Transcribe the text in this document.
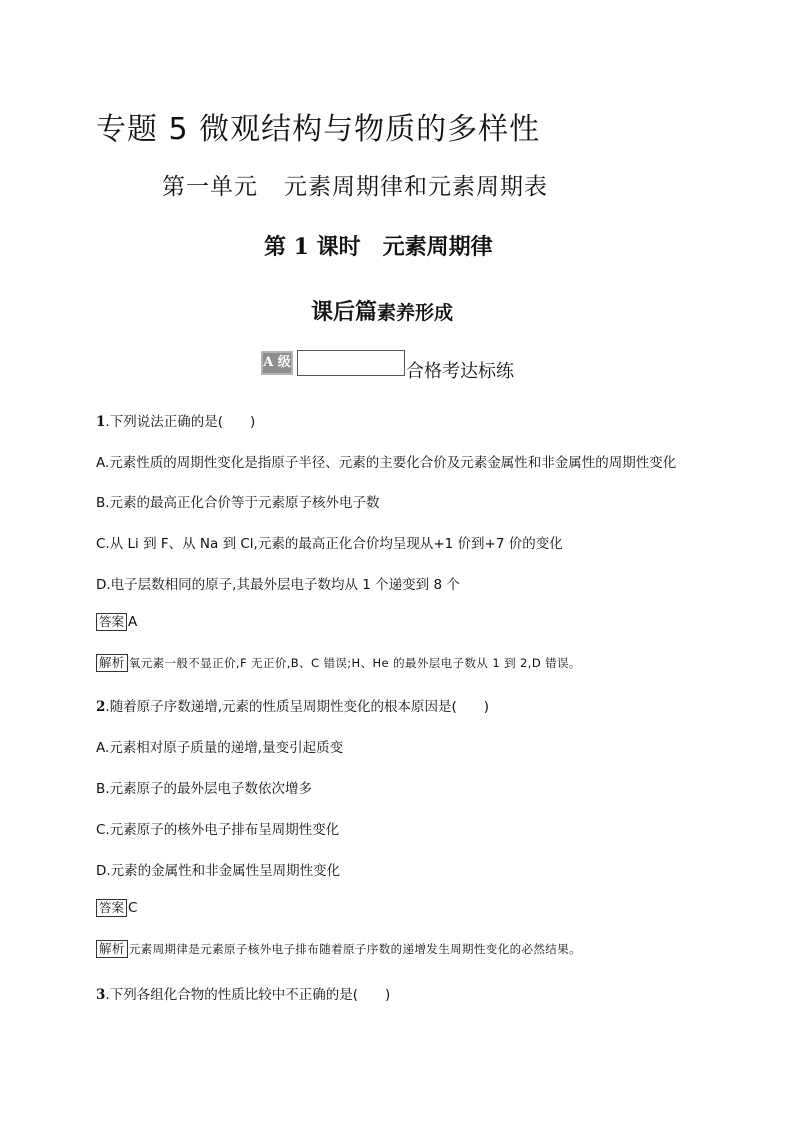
专题 5 微观结构与物质的多样性
第一单元 元素周期律和元素周期表
第 1 课时 元素周期律
课后篇素养形成
A 级	合格考达标练
1.下列说法正确的是(　　)
A.元素性质的周期性变化是指原子半径、元素的主要化合价及元素金属性和非金属性的周期性变化
B.元素的最高正化合价等于元素原子核外电子数
C.从 Li 到 F、从 Na 到 Cl,元素的最高正化合价均呈现从+1 价到+7 价的变化
D.电子层数相同的原子,其最外层电子数均从 1 个递变到 8 个
答案 A
解析 氧元素一般不显正价,F 无正价,B、C 错误;H、He 的最外层电子数从 1 到 2,D 错误。
2.随着原子序数递增,元素的性质呈周期性变化的根本原因是(　　)
A.元素相对原子质量的递增,量变引起质变
B.元素原子的最外层电子数依次增多
C.元素原子的核外电子排布呈周期性变化
D.元素的金属性和非金属性呈周期性变化
答案 C
解析 元素周期律是元素原子核外电子排布随着原子序数的递增发生周期性变化的必然结果。
3.下列各组化合物的性质比较中不正确的是(　　)
